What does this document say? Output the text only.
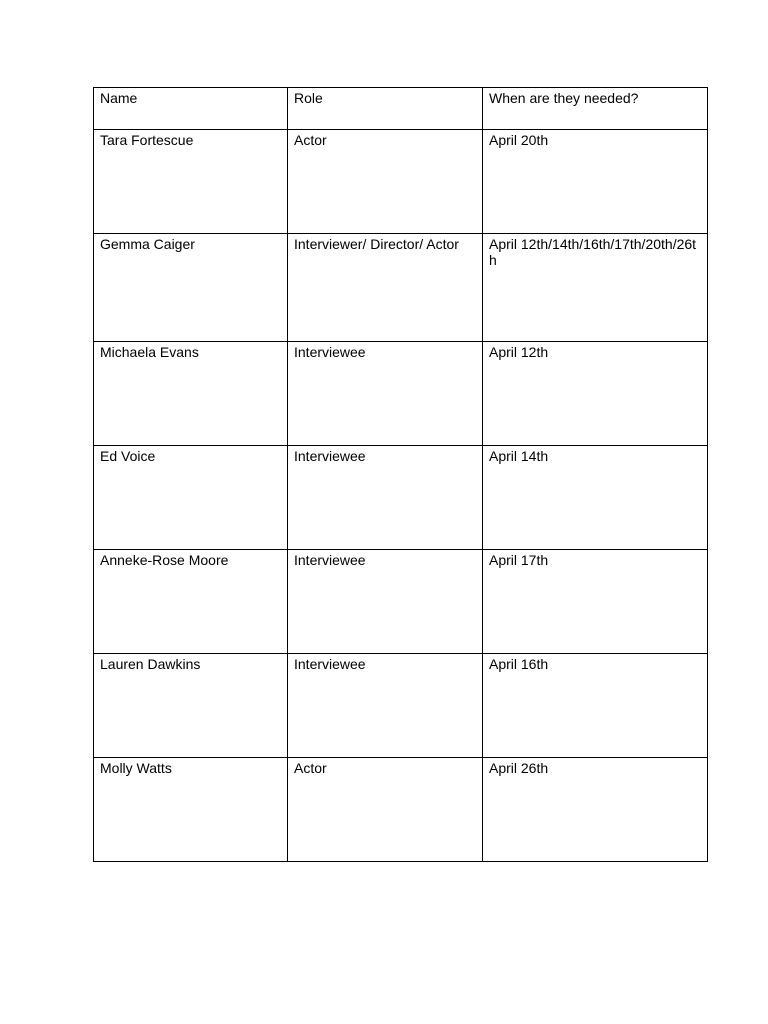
Name	Role	When are they needed?
Tara Fortescue	Actor	April 20th
Gemma Caiger	Interviewer/ Director/ Actor	April 12th/14th/16th/17th/20th/26th
Michaela Evans	Interviewee	April 12th
Ed Voice	Interviewee	April 14th
Anneke-Rose Moore	Interviewee	April 17th
Lauren Dawkins	Interviewee	April 16th
Molly Watts	Actor	April 26th
